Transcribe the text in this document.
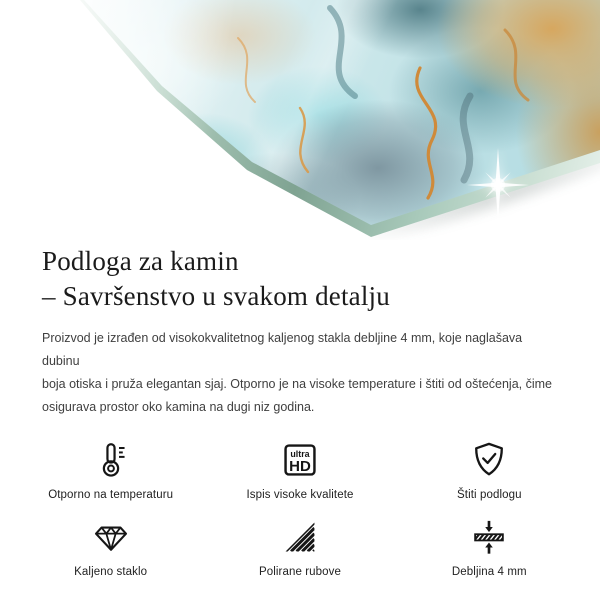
Podloga za kamin
– Savršenstvo u svakom detalju

Proizvod je izrađen od visokokvalitetnog kaljenog stakla debljine 4 mm, koje naglašava dubinu
boja otiska i pruža elegantan sjaj. Otporno je na visoke temperature i štiti od oštećenja, čime
osigurava prostor oko kamina na dugi niz godina.

Otporno na temperaturu
ultra
HD
Ispis visoke kvalitete	Štiti podlogu
Kaljeno staklo	Polirane rubove	Debljina 4 mm
